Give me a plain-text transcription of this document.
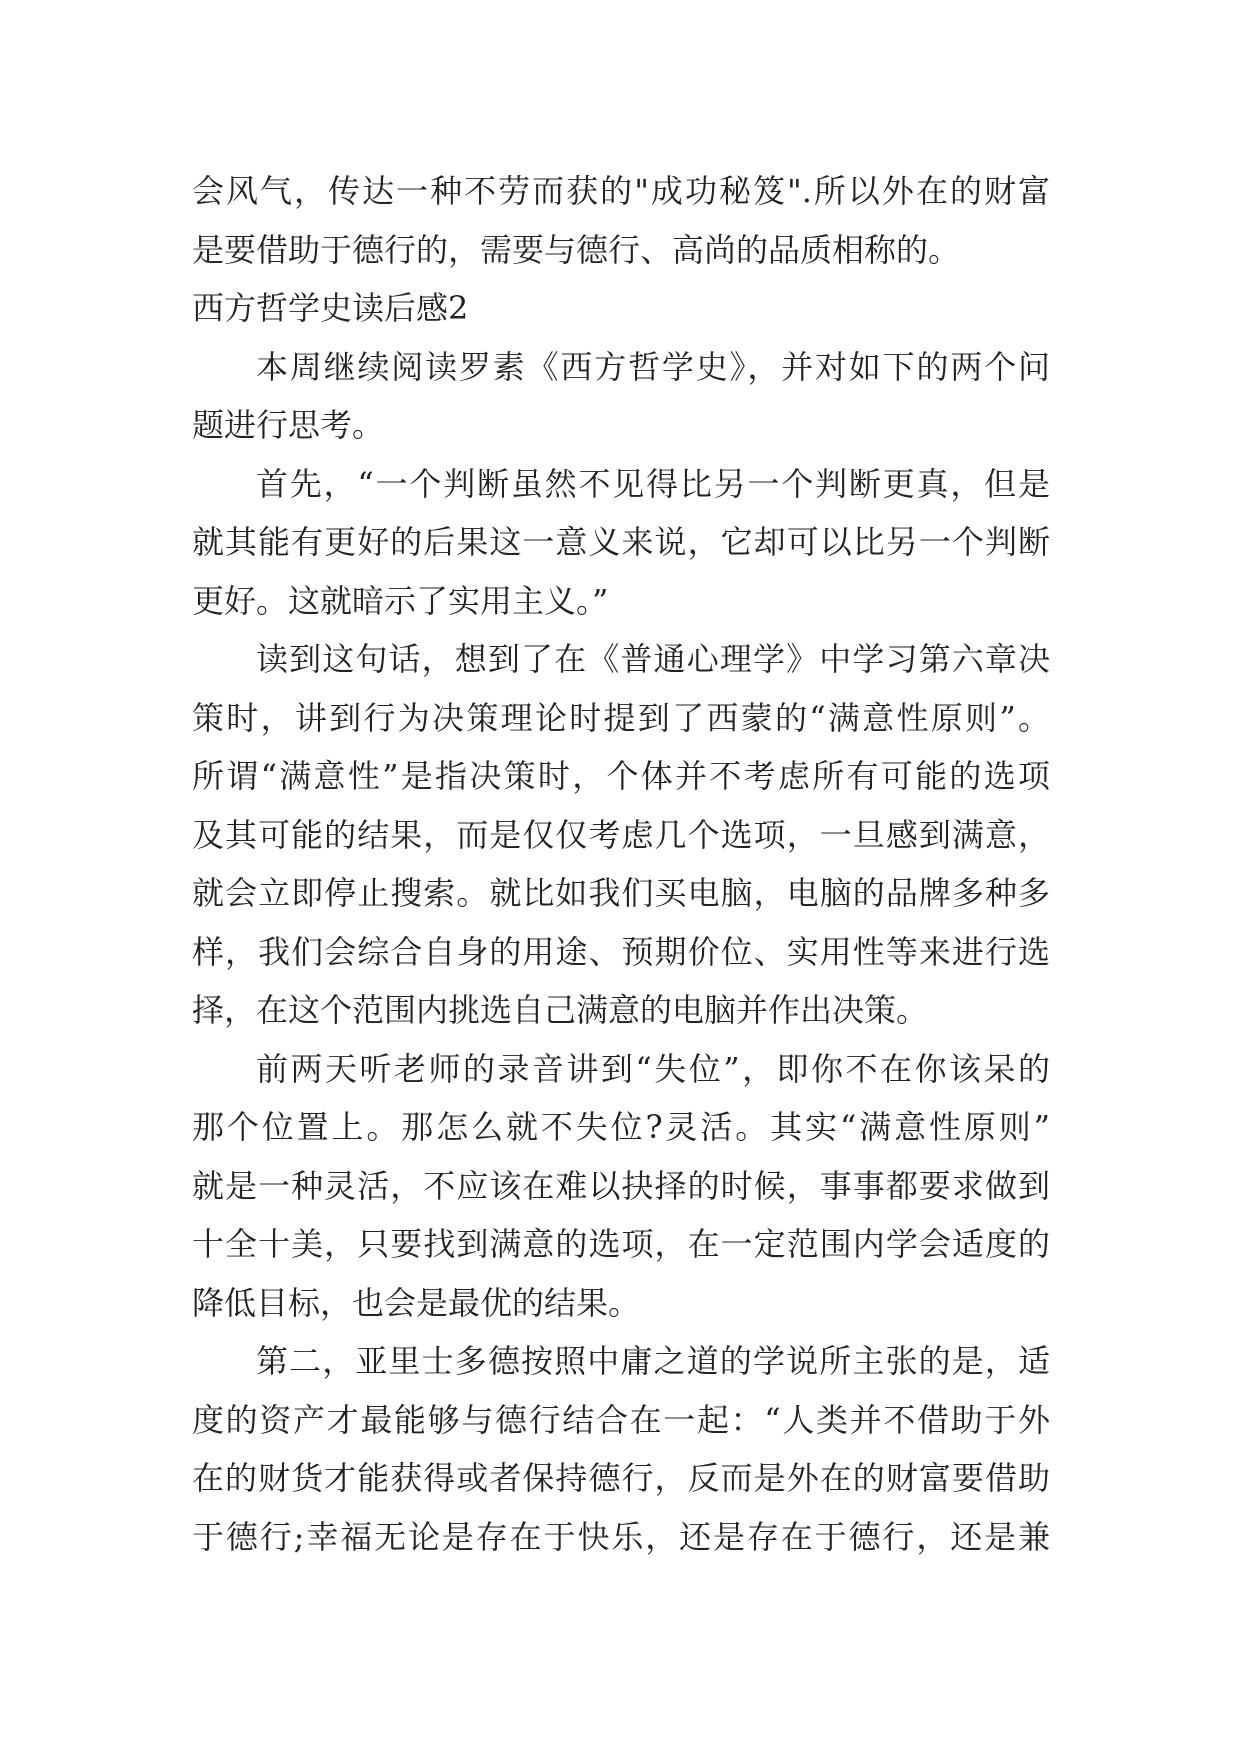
会风气，传达一种不劳而获的"成功秘笈".所以外在的财富
是要借助于德行的，需要与德行、高尚的品质相称的。
西方哲学史读后感2
本周继续阅读罗素《西方哲学史》，并对如下的两个问
题进行思考。
首先，“一个判断虽然不见得比另一个判断更真，但是
就其能有更好的后果这一意义来说，它却可以比另一个判断
更好。这就暗示了实用主义。”
读到这句话，想到了在《普通心理学》中学习第六章决
策时，讲到行为决策理论时提到了西蒙的“满意性原则”。
所谓“满意性”是指决策时，个体并不考虑所有可能的选项
及其可能的结果，而是仅仅考虑几个选项，一旦感到满意，
就会立即停止搜索。就比如我们买电脑，电脑的品牌多种多
样，我们会综合自身的用途、预期价位、实用性等来进行选
择，在这个范围内挑选自己满意的电脑并作出决策。
前两天听老师的录音讲到“失位”，即你不在你该呆的
那个位置上。那怎么就不失位?灵活。其实“满意性原则”
就是一种灵活，不应该在难以抉择的时候，事事都要求做到
十全十美，只要找到满意的选项，在一定范围内学会适度的
降低目标，也会是最优的结果。
第二，亚里士多德按照中庸之道的学说所主张的是，适
度的资产才最能够与德行结合在一起：“人类并不借助于外
在的财货才能获得或者保持德行，反而是外在的财富要借助
于德行;幸福无论是存在于快乐，还是存在于德行，还是兼
